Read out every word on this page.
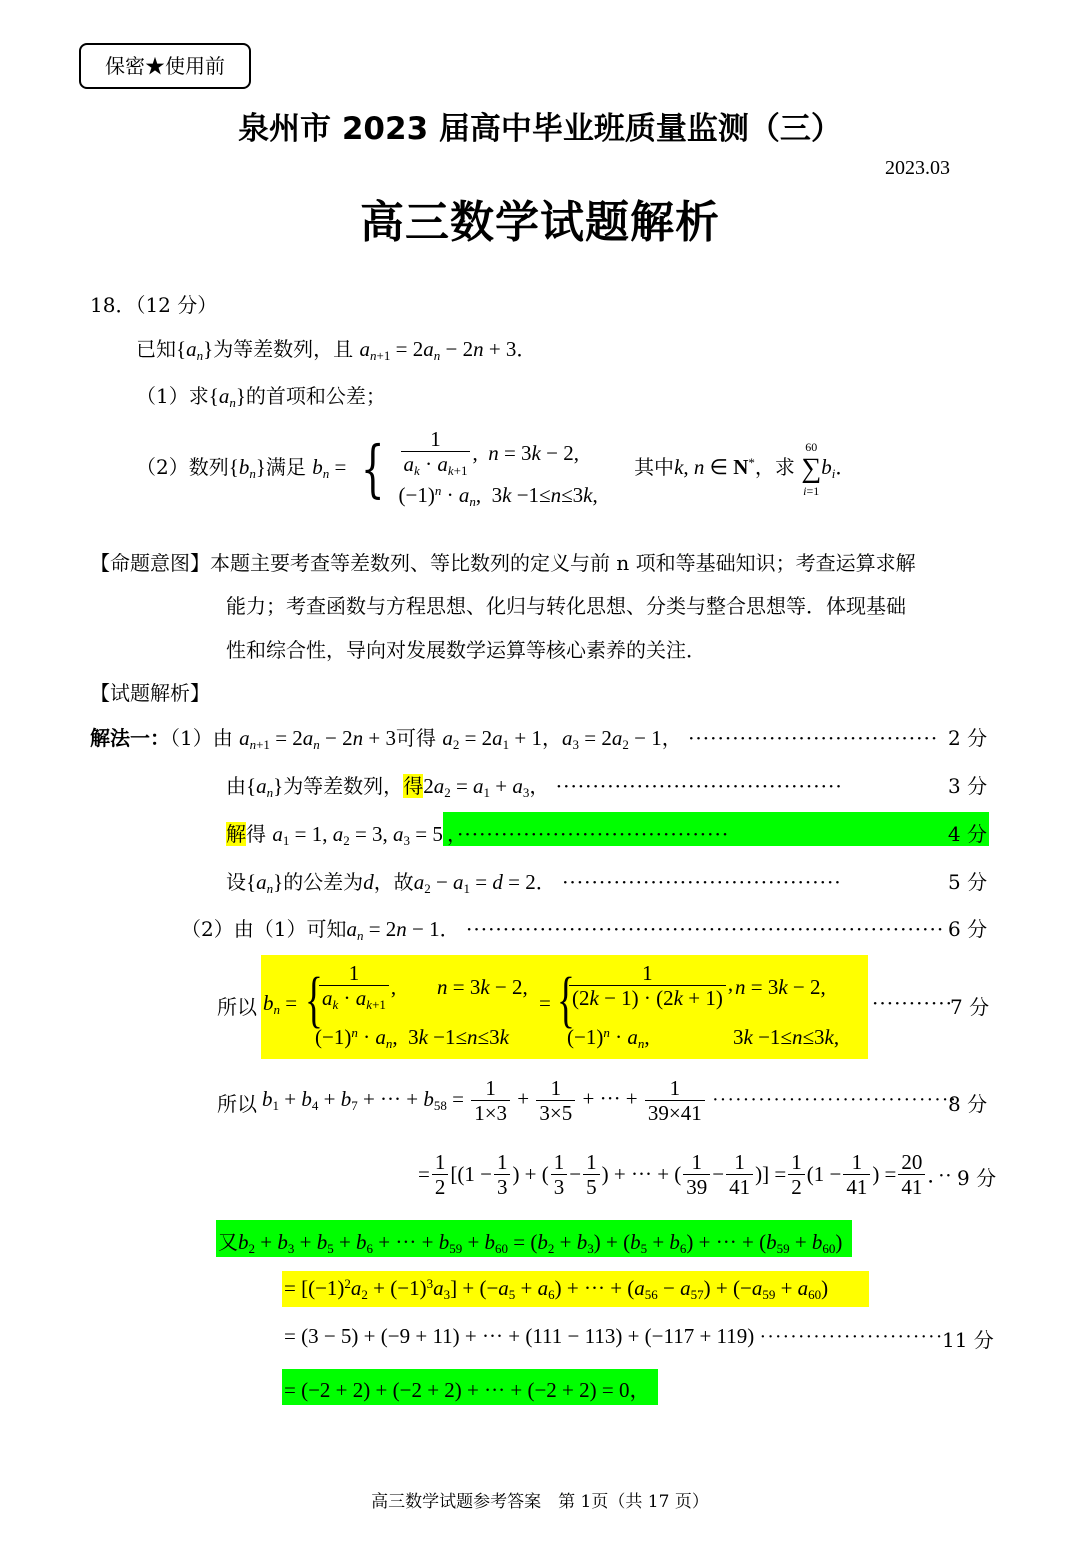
保密★使用前
泉州市 2023 届高中毕业班质量监测（三）
2023.03
高三数学试题解析
18．（12 分）
已知$\{a_n\}$为等差数列，且 $a_{n+1} = 2a_n - 2n + 3$．
（1）求$\{a_n\}$的首项和公差；
（2）数列$\{b_n\}$满足 $b_n$ = { $\frac{1}{a_k \cdot a_{k+1}}$ ,  n = 3k − 2,
$(-1)^n \cdot a_n$,  3k −1≤n≤3k,
其中k, n ∈ N*，求
60
∑
i=1
$b_i$．
【命题意图】本题主要考查等差数列、等比数列的定义与前 n 项和等基础知识；考查运算求解
能力；考查函数与方程思想、化归与转化思想、分类与整合思想等．体现基础
性和综合性，导向对发展数学运算等核心素养的关注．
【试题解析】
解法一：（1）由 $a_{n+1} = 2a_n - 2n + 3$可得 $a_2 = 2a_1 + 1$，$a_3 = 2a_2 - 1$， ·································· 2 分
由$\{a_n\}$为等差数列，得$2a_2 = a_1 + a_3$， ·······································	3 分
解得 $a_1 = 1$, $a_2 = 3$, $a_3 = 5$ ，·····································	4 分
设$\{a_n\}$的公差为d，故$a_2 - a_1 = d = 2$． ······································	5 分
（2）由（1）可知$a_n = 2n - 1$． ································································· 6 分
所以 $b_n$ = {
$\frac{1}{a_k \cdot a_{k+1}}$ , n = 3k − 2,
$(-1)^n \cdot a_n$,  3k −1≤n≤3k
= {
$\frac{1}{(2k - 1) \cdot (2k + 1)}$ , n = 3k − 2,
$(-1)^n \cdot a_n$,	3k −1≤n≤3k,
···········
7 分
所以 $b_1 + b_4 + b_7$ + ··· + $b_{58} = \frac{1}{1\times 3} + \frac{1}{3\times 5}$ + ··· + $\frac{1}{39\times 41}$ ································
8 分
= $\frac{1}{2} [(1 - \frac{1}{3}$ ) + ( $\frac{1}{3} - \frac{1}{5}$ ) + ··· + ( $\frac{1}{39} - \frac{1}{41}$ )] = $\frac{1}{2} (1 - \frac{1}{41}$ ) = $\frac{20}{41}$ ．·· 9 分
又$b_2 + b_3 + b_5 + b_6$ + ··· + $b_{59} + b_{60} = (b_2 + b_3) + (b_5 + b_6)$ + ··· + $(b_{59} + b_{60})$
= $[(-1)^2a_2 + (-1)^3a_3] + (-a_5 + a_6)$ + ··· + $(a_{56} - a_{57}) + (-a_{59} + a_{60})$
= (3 − 5) + (−9 + 11) + ··· + (111 − 113) + (−117 + 119) ························
11 分
= (−2 + 2) + (−2 + 2) + ··· + (−2 + 2) = 0，
高三数学试题参考答案　第 1页（共 17 页）
